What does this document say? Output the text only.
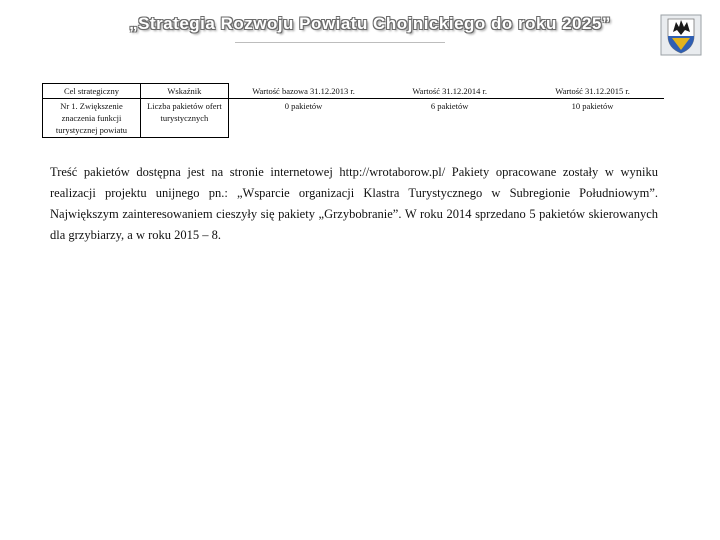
„Strategia Rozwoju Powiatu Chojnickiego do roku 2025”
Cel strategiczny	Wskaźnik	Wartość bazowa 31.12.2013 r.	Wartość 31.12.2014 r.	Wartość 31.12.2015 r.
Nr 1. Zwiększenie znaczenia funkcji turystycznej powiatu	Liczba pakietów ofert turystycznych	0 pakietów	6 pakietów	10 pakietów
Treść pakietów dostępna jest na stronie internetowej http://wrotaborow.pl/ Pakiety opracowane zostały w wyniku realizacji projektu unijnego pn.: „Wsparcie organizacji Klastra Turystycznego w Subregionie Południowym”. Największym zainteresowaniem cieszyły się pakiety „Grzybobranie”. W roku 2014 sprzedano 5 pakietów skierowanych dla grzybiarzy, a w roku 2015 – 8.
